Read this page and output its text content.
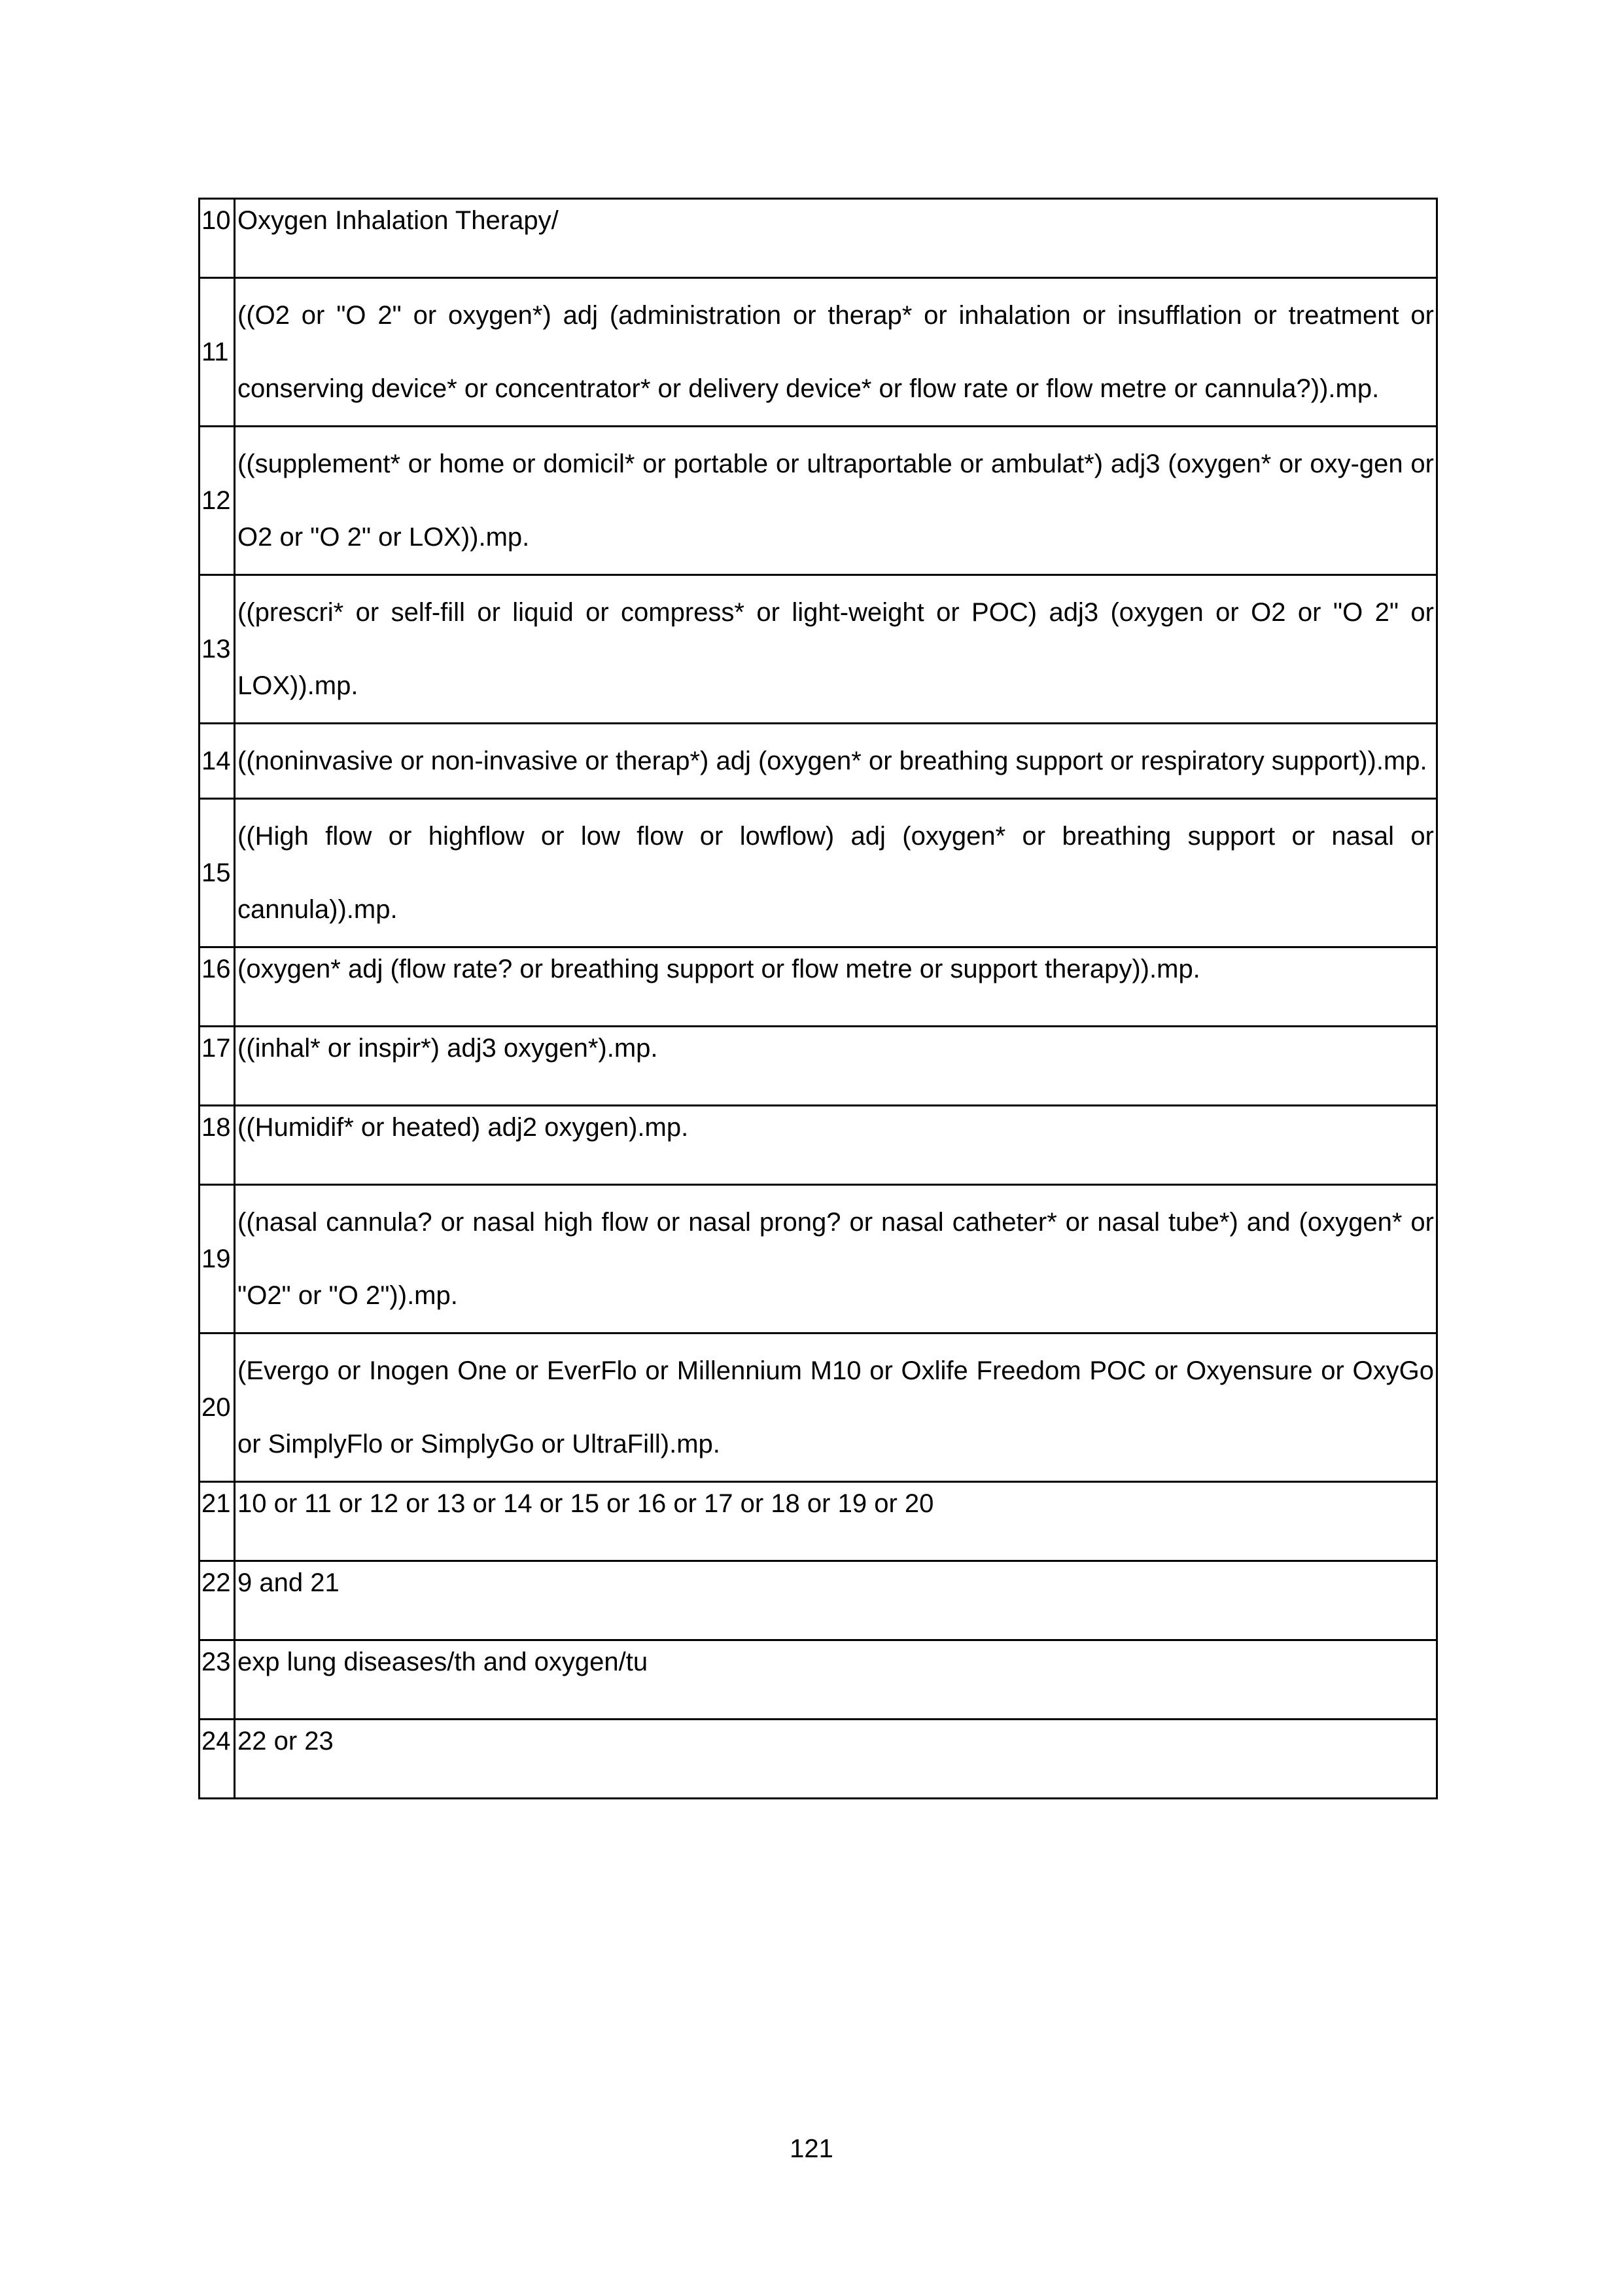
10	Oxygen Inhalation Therapy/
11	((O2 or "O 2" or oxygen*) adj (administration or therap* or inhalation or insufflation or treatment or conserving device* or concentrator* or delivery device* or flow rate or flow metre or cannula?)).mp.
12	((supplement* or home or domicil* or portable or ultraportable or ambulat*) adj3 (oxygen* or oxy-gen or O2 or "O 2" or LOX)).mp.
13	((prescri* or self-fill or liquid or compress* or light-weight or POC) adj3 (oxygen or O2 or "O 2" or LOX)).mp.
14	((noninvasive or non-invasive or therap*) adj (oxygen* or breathing support or respiratory support)).mp.
15	((High flow or highflow or low flow or lowflow) adj (oxygen* or breathing support or nasal or cannula)).mp.
16	(oxygen* adj (flow rate? or breathing support or flow metre or support therapy)).mp.
17	((inhal* or inspir*) adj3 oxygen*).mp.
18	((Humidif* or heated) adj2 oxygen).mp.
19	((nasal cannula? or nasal high flow or nasal prong? or nasal catheter* or nasal tube*) and (oxygen* or "O2" or "O 2")).mp.
20	(Evergo or Inogen One or EverFlo or Millennium M10 or Oxlife Freedom POC or Oxyensure or OxyGo or SimplyFlo or SimplyGo or UltraFill).mp.
21	10 or 11 or 12 or 13 or 14 or 15 or 16 or 17 or 18 or 19 or 20
22	9 and 21
23	exp lung diseases/th and oxygen/tu
24	22 or 23
121
